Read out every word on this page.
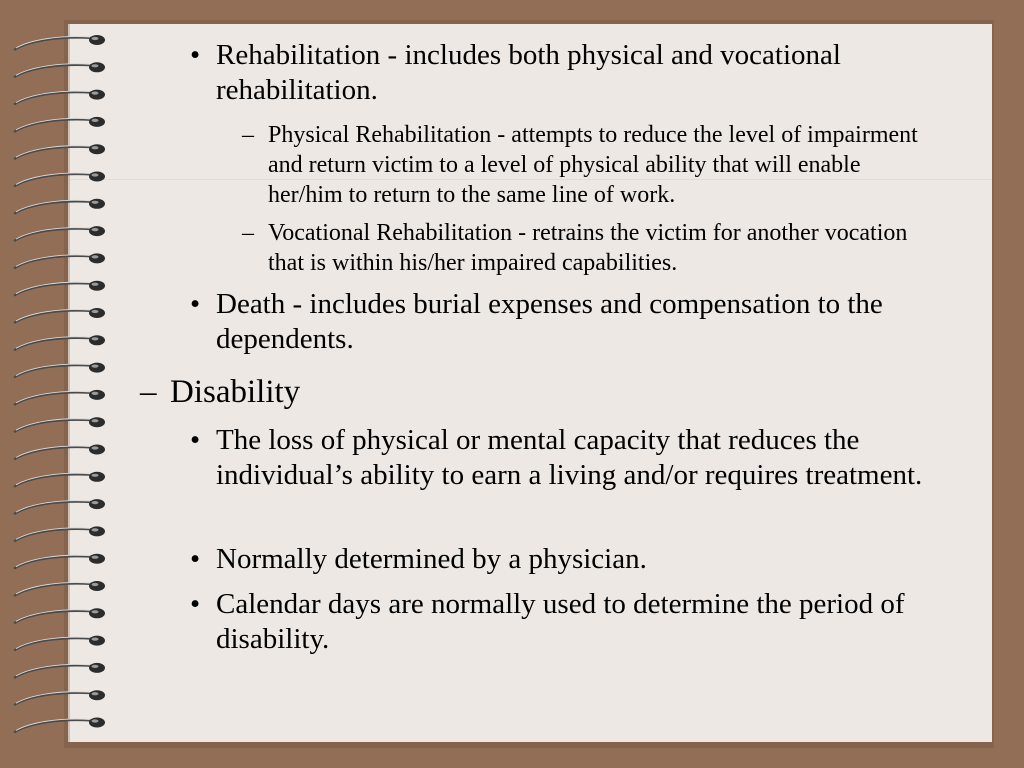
• Rehabilitation - includes both physical and vocational rehabilitation.
– Physical Rehabilitation - attempts to reduce the level of impairment and return victim to a level of physical ability that will enable her/him to return to the same line of work.
– Vocational Rehabilitation - retrains the victim for another vocation that is within his/her impaired capabilities.
• Death - includes burial expenses and compensation to the dependents.
– Disability
• The loss of physical or mental capacity that reduces the individual’s ability to earn a living and/or requires treatment.
• Normally determined by a physician.
• Calendar days are normally used to determine the period of disability.
